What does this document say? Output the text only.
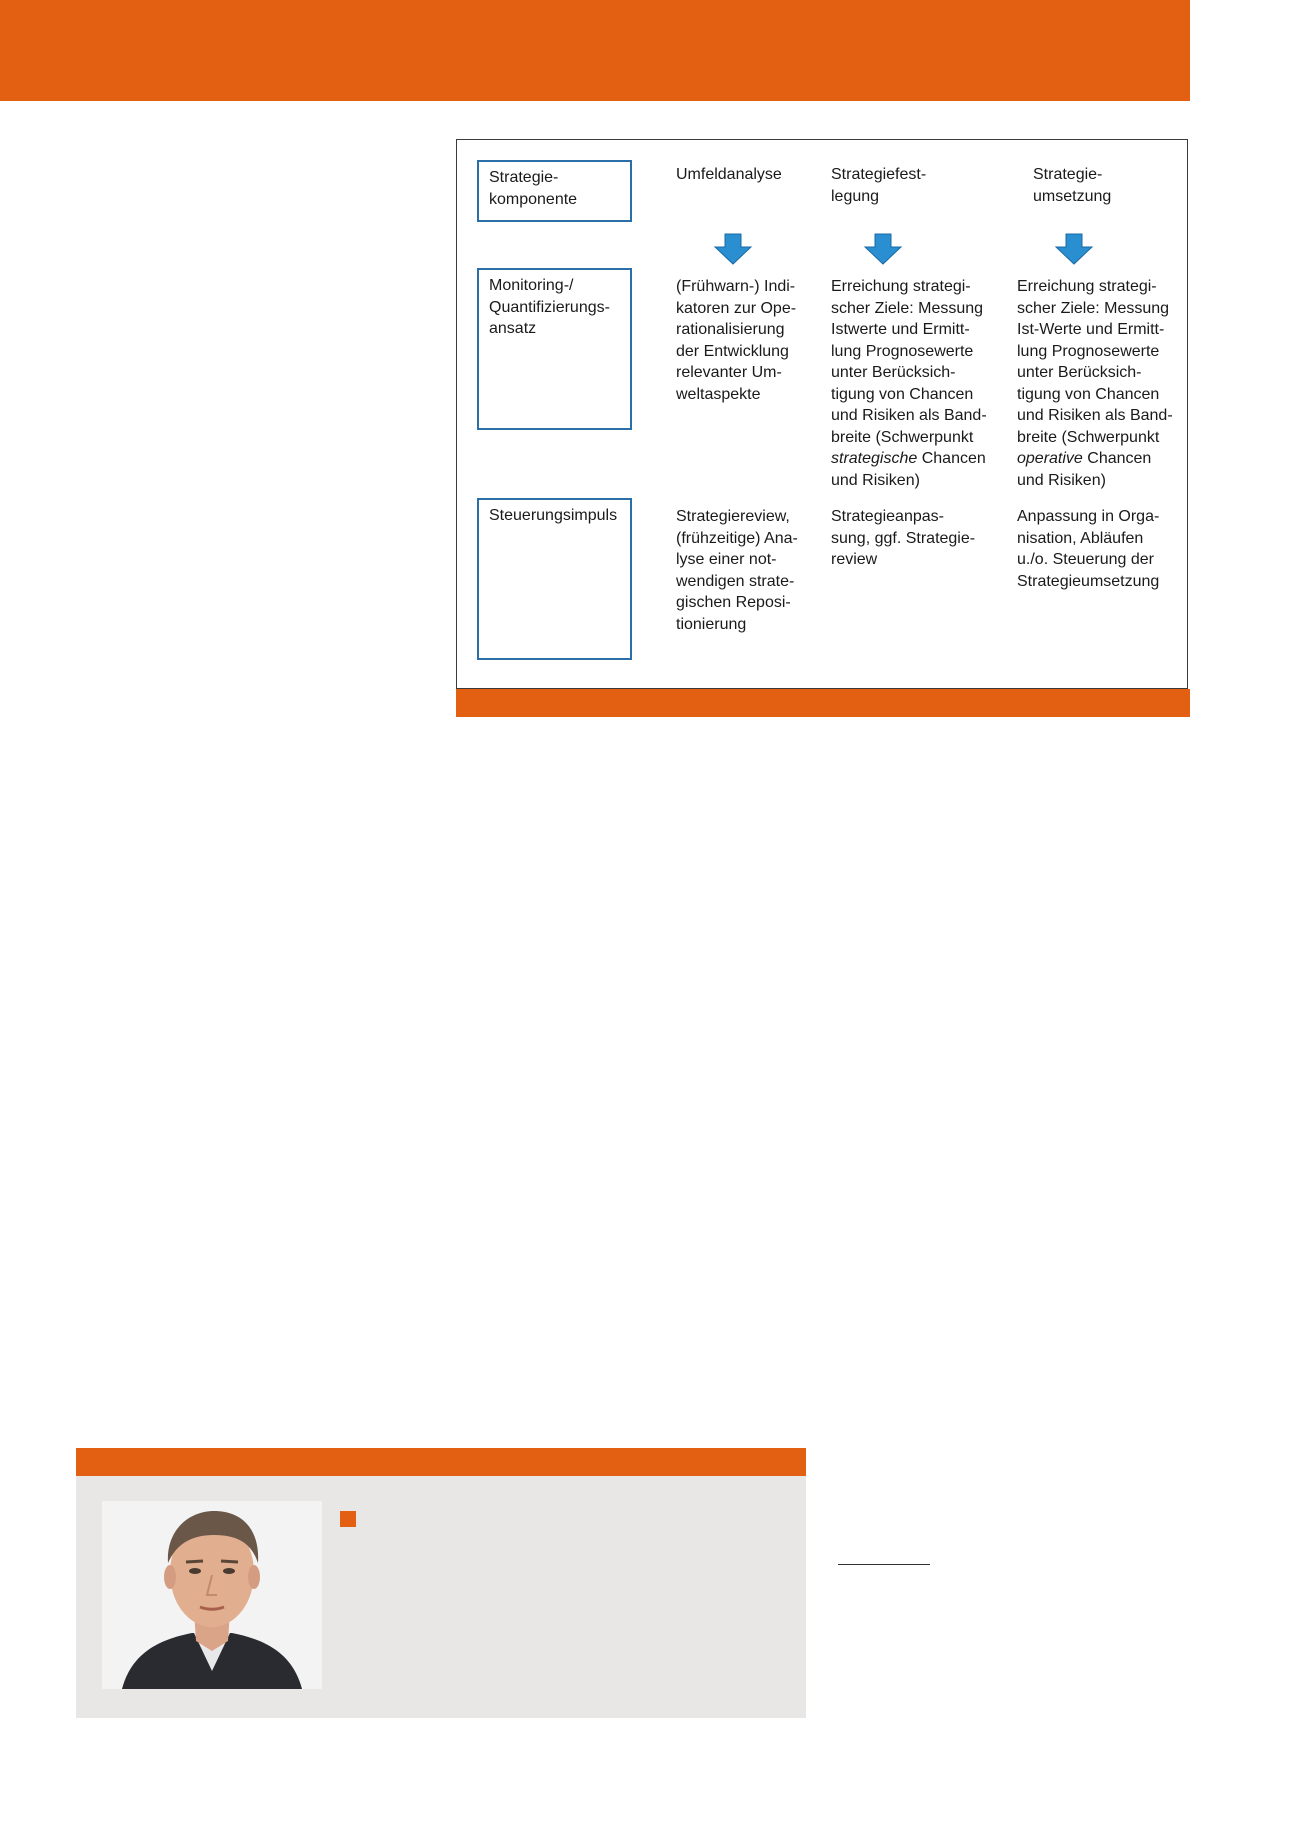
Strategie-
komponente
Umfeldanalyse	Strategiefest-
legung
Strategie-
umsetzung
Monitoring-/
Quantifizierungs-
ansatz
(Frühwarn-) Indi-
katoren zur Ope-
rationalisierung
der Entwicklung
relevanter Um-
weltaspekte
Erreichung strategi-
scher Ziele: Messung
Istwerte und Ermitt-
lung Prognosewerte
unter Berücksich-
tigung von Chancen
und Risiken als Band-
breite (Schwerpunkt
strategische Chancen
und Risiken)
Erreichung strategi-
scher Ziele: Messung
Ist-Werte und Ermitt-
lung Prognosewerte
unter Berücksich-
tigung von Chancen
und Risiken als Band-
breite (Schwerpunkt
operative Chancen
und Risiken)
Steuerungsimpuls	Strategiereview,
(frühzeitige) Ana-
lyse einer not-
wendigen strate-
gischen Reposi-
tionierung
Strategieanpas-
sung, ggf. Strategie-
review
Anpassung in Orga-
nisation, Abläufen
u./o. Steuerung der
Strategieumsetzung
